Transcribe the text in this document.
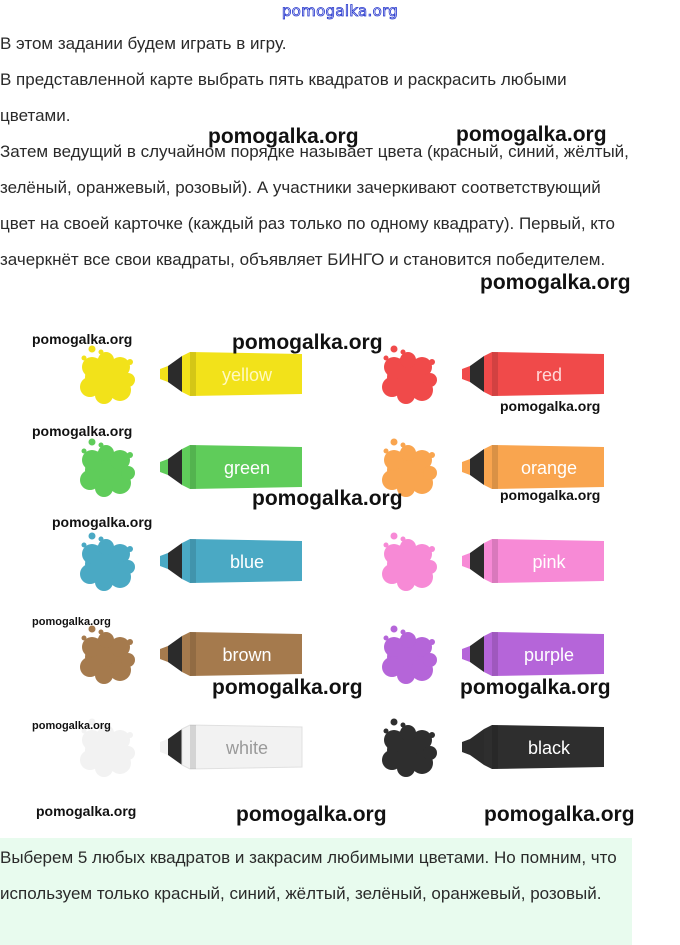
pomogalka.org
В этом задании будем играть в игру.
В представленной карте выбрать пять квадратов и раскрасить любыми цветами.
Затем ведущий в случайном порядке называет цвета (красный, синий, жёлтый, зелёный, оранжевый, розовый). А участники зачеркивают соответствующий цвет на своей карточке (каждый раз только по одному квадрату). Первый, кто зачеркнёт все свои квадраты, объявляет БИНГО и становится победителем.
pomogalka.org	pomogalka.org
pomogalka.org
yellow	red
green	orange
blue	pink
brown	purple
white	black
pomogalka.org	pomogalka.org
pomogalka.org
pomogalka.org
pomogalka.org	pomogalka.org
pomogalka.org
pomogalka.org
pomogalka.org	pomogalka.org
pomogalka.org
pomogalka.org	pomogalka.org	pomogalka.org
Выберем 5 любых квадратов и закрасим любимыми цветами. Но помним, что используем только красный, синий, жёлтый, зелёный, оранжевый, розовый.
